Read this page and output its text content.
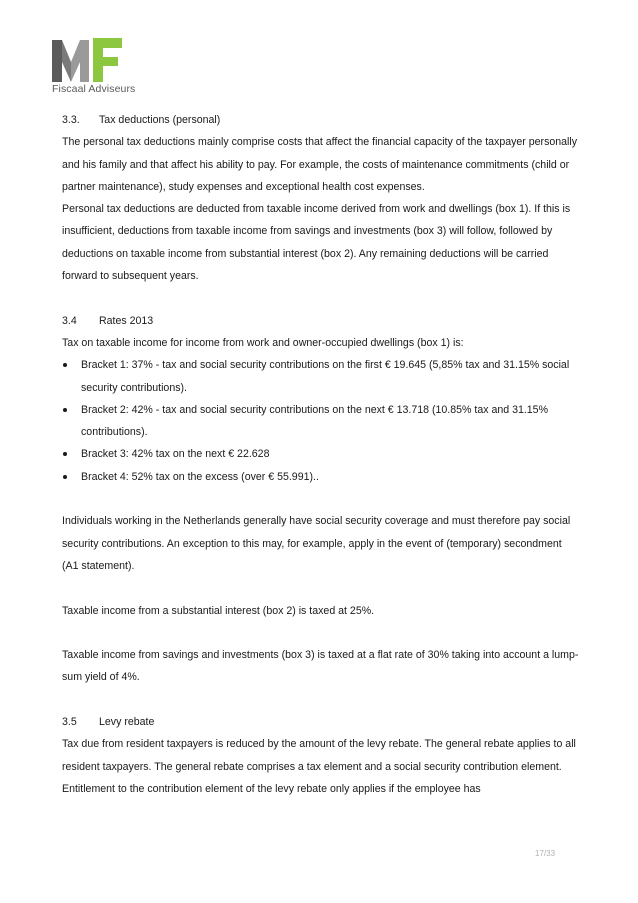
Fiscaal Adviseurs

3.3.	Tax deductions (personal)

The personal tax deductions mainly comprise costs that affect the financial capacity of the taxpayer personally and his family and that affect his ability to pay. For example, the costs of maintenance commitments (child or partner maintenance), study expenses and exceptional health cost expenses.

Personal tax deductions are deducted from taxable income derived from work and dwellings (box 1). If this is insufficient, deductions from taxable income from savings and investments (box 3) will follow, followed by deductions on taxable income from substantial interest (box 2). Any remaining deductions will be carried forward to subsequent years.

3.4	Rates 2013

Tax on taxable income for income from work and owner-occupied dwellings (box 1) is:

Bracket 1: 37% - tax and social security contributions on the first € 19.645 (5,85% tax and 31.15% social security contributions).
Bracket 2: 42% - tax and social security contributions on the next € 13.718 (10.85% tax and 31.15% contributions).
Bracket 3: 42% tax on the next € 22.628
Bracket 4: 52% tax on the excess (over € 55.991)..

Individuals working in the Netherlands generally have social security coverage and must therefore pay social security contributions. An exception to this may, for example, apply in the event of (temporary) secondment (A1 statement).

Taxable income from a substantial interest (box 2) is taxed at 25%.

Taxable income from savings and investments (box 3) is taxed at a flat rate of 30% taking into account a lump-sum yield of 4%.

3.5	Levy rebate

Tax due from resident taxpayers is reduced by the amount of the levy rebate. The general rebate applies to all resident taxpayers. The general rebate comprises a tax element and a social security contribution element. Entitlement to the contribution element of the levy rebate only applies if the employee has

17/33
